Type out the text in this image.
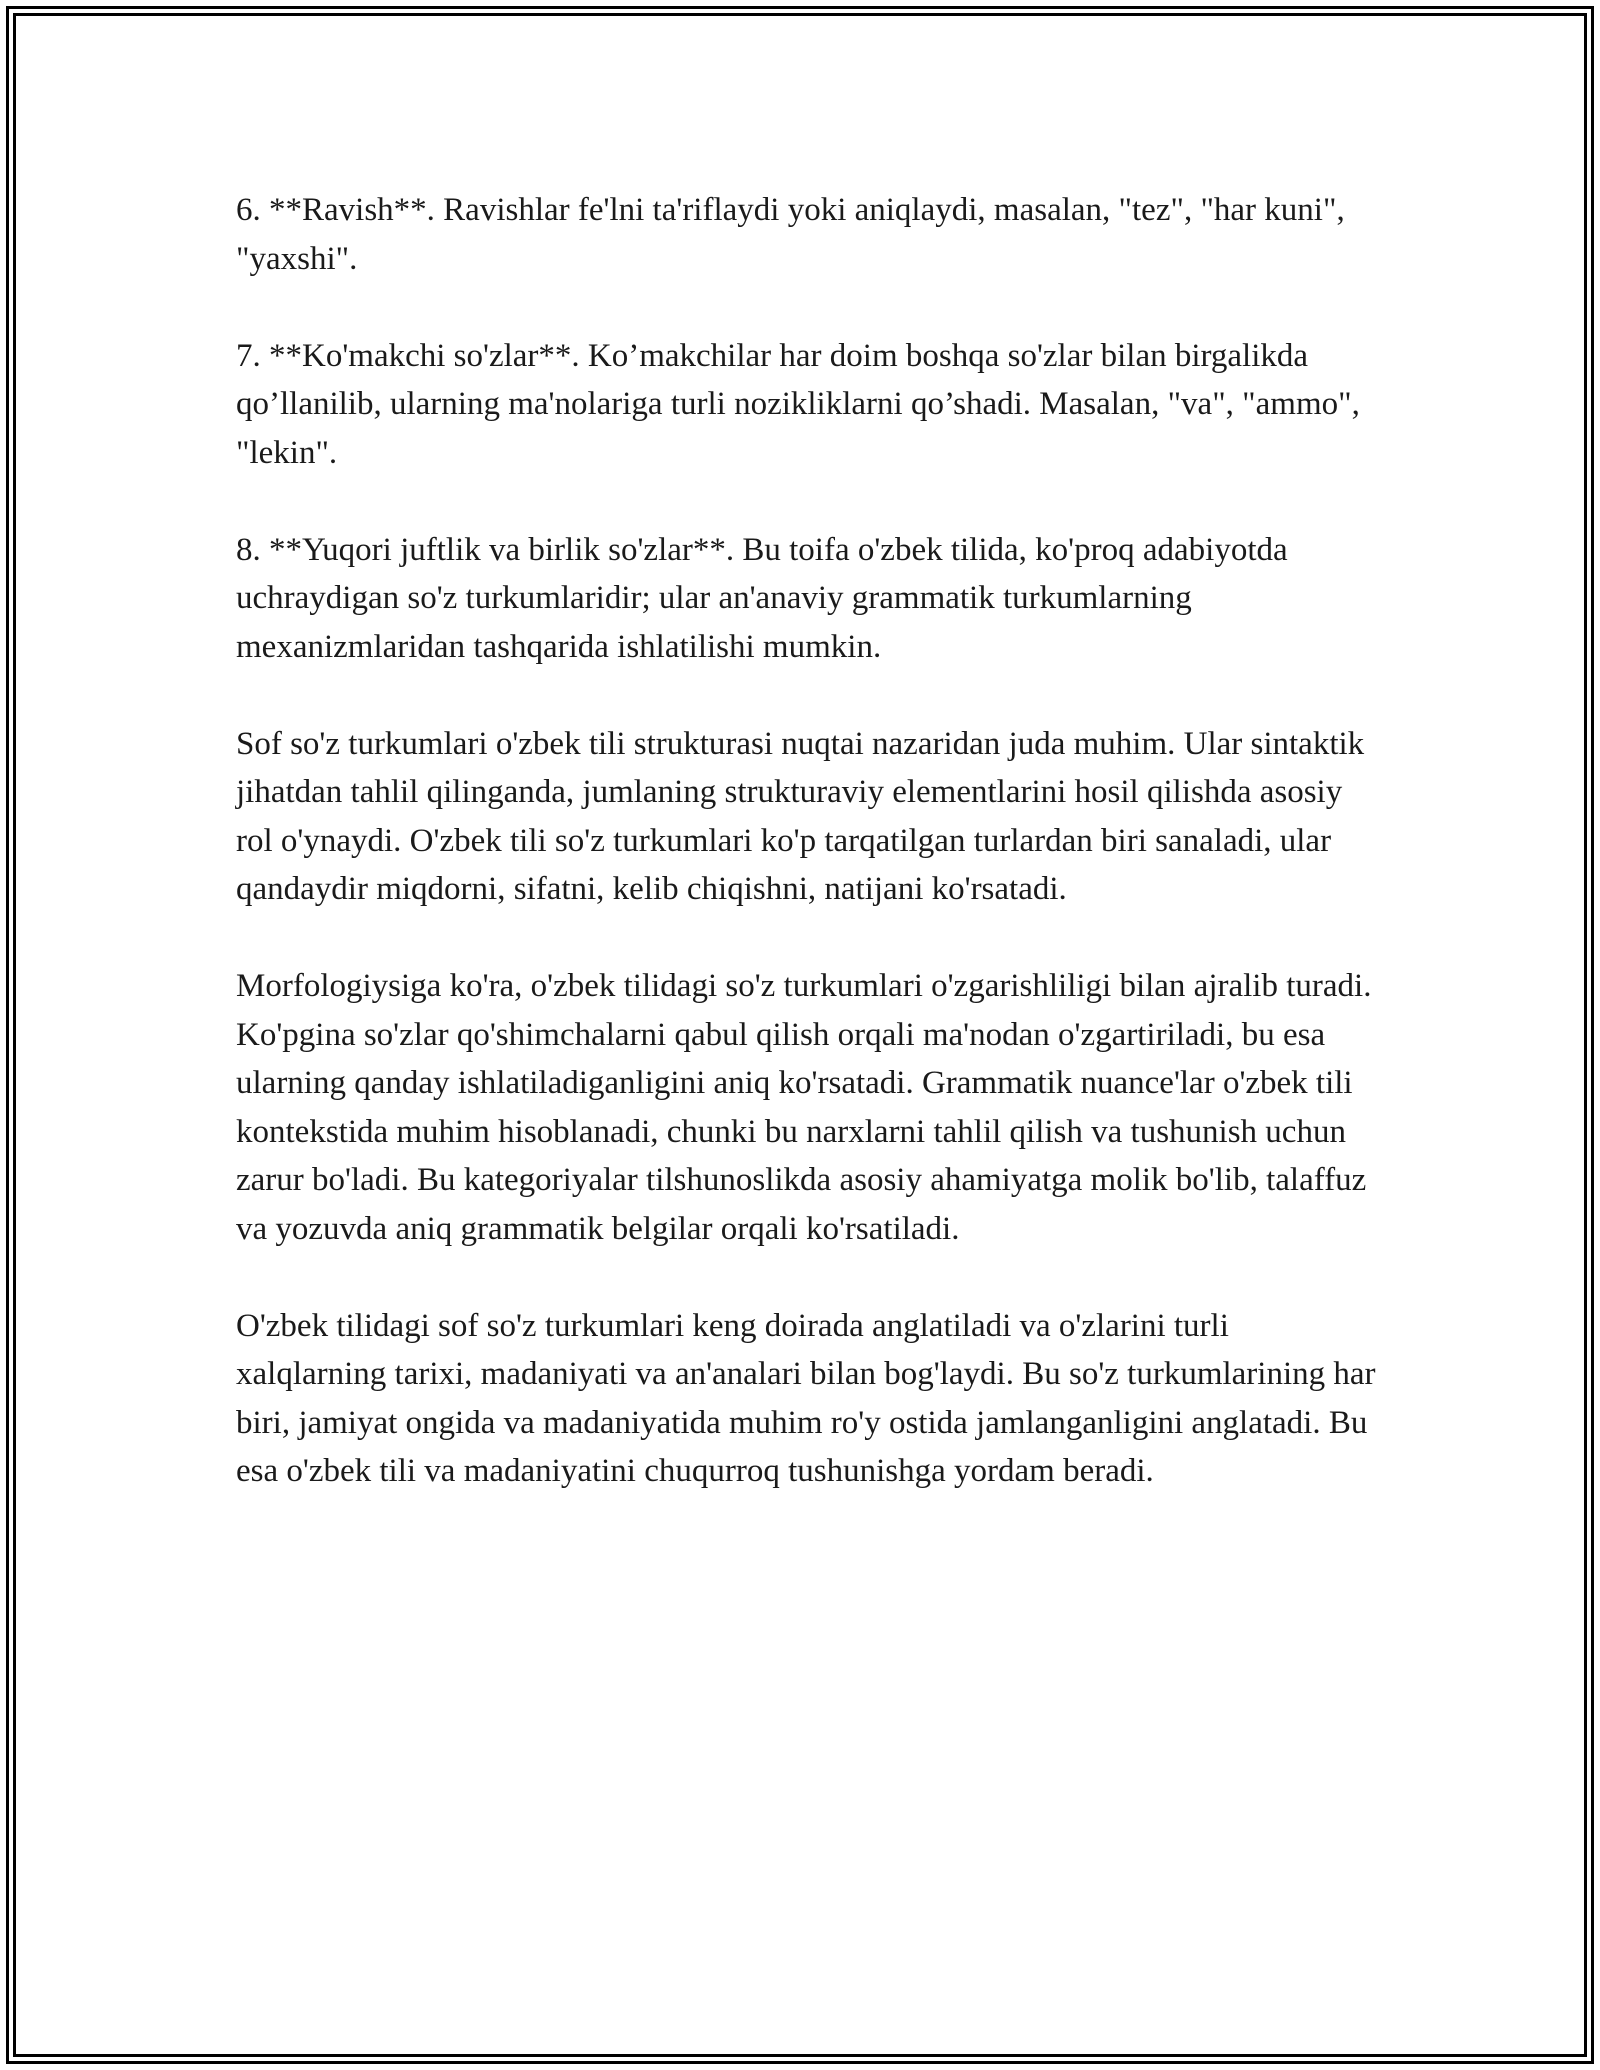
6. **Ravish**. Ravishlar fe'lni ta'riflaydi yoki aniqlaydi, masalan, "tez", "har kuni", "yaxshi".

7. **Ko'makchi so'zlar**. Ko’makchilar har doim boshqa so'zlar bilan birgalikda qo’llanilib, ularning ma'nolariga turli nozikliklarni qo’shadi. Masalan, "va", "ammo", "lekin".

8. **Yuqori juftlik va birlik so'zlar**. Bu toifa o'zbek tilida, ko'proq adabiyotda uchraydigan so'z turkumlaridir; ular an'anaviy grammatik turkumlarning mexanizmlaridan tashqarida ishlatilishi mumkin.

Sof so'z turkumlari o'zbek tili strukturasi nuqtai nazaridan juda muhim. Ular sintaktik jihatdan tahlil qilinganda, jumlaning strukturaviy elementlarini hosil qilishda asosiy rol o'ynaydi. O'zbek tili so'z turkumlari ko'p tarqatilgan turlardan biri sanaladi, ular qandaydir miqdorni, sifatni, kelib chiqishni, natijani ko'rsatadi.

Morfologiysiga ko'ra, o'zbek tilidagi so'z turkumlari o'zgarishliligi bilan ajralib turadi. Ko'pgina so'zlar qo'shimchalarni qabul qilish orqali ma'nodan o'zgartiriladi, bu esa ularning qanday ishlatiladiganligini aniq ko'rsatadi. Grammatik nuance'lar o'zbek tili kontekstida muhim hisoblanadi, chunki bu narxlarni tahlil qilish va tushunish uchun zarur bo'ladi. Bu kategoriyalar tilshunoslikda asosiy ahamiyatga molik bo'lib, talaffuz va yozuvda aniq grammatik belgilar orqali ko'rsatiladi.

O'zbek tilidagi sof so'z turkumlari keng doirada anglatiladi va o'zlarini turli xalqlarning tarixi, madaniyati va an'analari bilan bog'laydi. Bu so'z turkumlarining har biri, jamiyat ongida va madaniyatida muhim ro'y ostida jamlanganligini anglatadi. Bu esa o'zbek tili va madaniyatini chuqurroq tushunishga yordam beradi.
